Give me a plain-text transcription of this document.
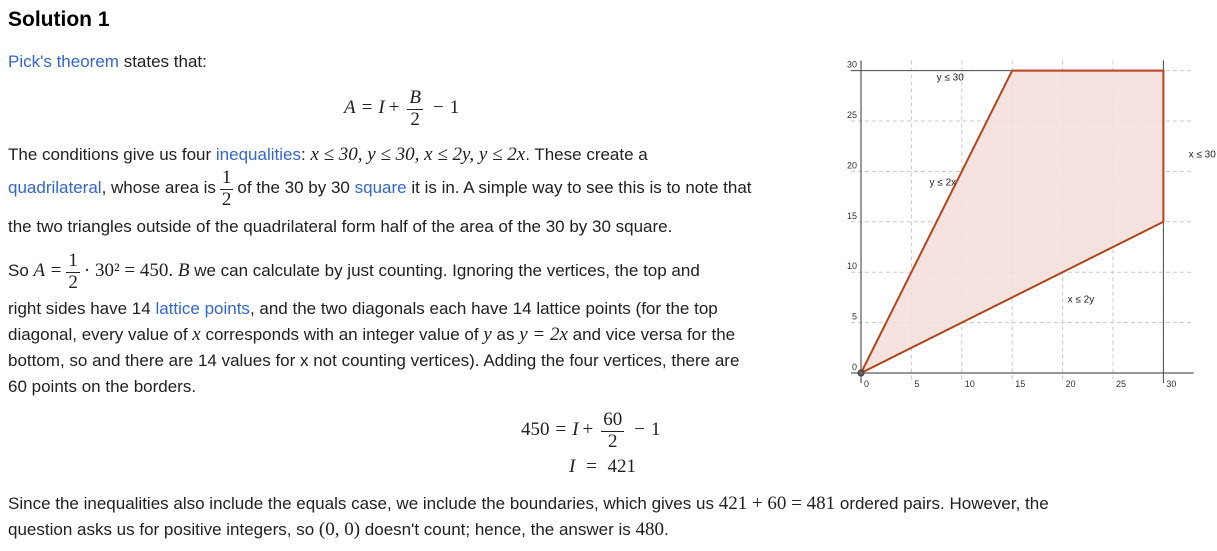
Solution 1
Pick's theorem states that:
$A = I + \frac{B}{2} - 1$
The conditions give us four inequalities: x ≤ 30, y ≤ 30, x ≤ 2y, y ≤ 2x. These create a
quadrilateral , whose area is $\frac{1}{2}$ of the 30 by 30
square
it is in. A simple way to see this is to note that
the two triangles outside of the quadrilateral form half of the area of the 30 by 30 square.
So
$A = \frac{1}{2} \cdot 30^2 = 450$.
B
we can calculate by just counting. Ignoring the vertices, the top and
right sides have 14 lattice points, and the two diagonals each have 14 lattice points (for the top
diagonal, every value of x corresponds with an integer value of y as y = 2x and vice versa for the
bottom, so and there are 14 values for x not counting vertices). Adding the four vertices, there are
60 points on the borders.
$450 = I + \frac{60}{2} - 1$
I = 421
Since the inequalities also include the equals case, we include the boundaries, which gives us 421 + 60 = 481 ordered pairs. However, the
question asks us for positive integers, so (0, 0) doesn't count; hence, the answer is 480.
0	5	10	15	20	25	30
0
5
10
15
20
25
30
y ≤ 30
y ≤ 2x
x ≤ 2y
x ≤ 30
